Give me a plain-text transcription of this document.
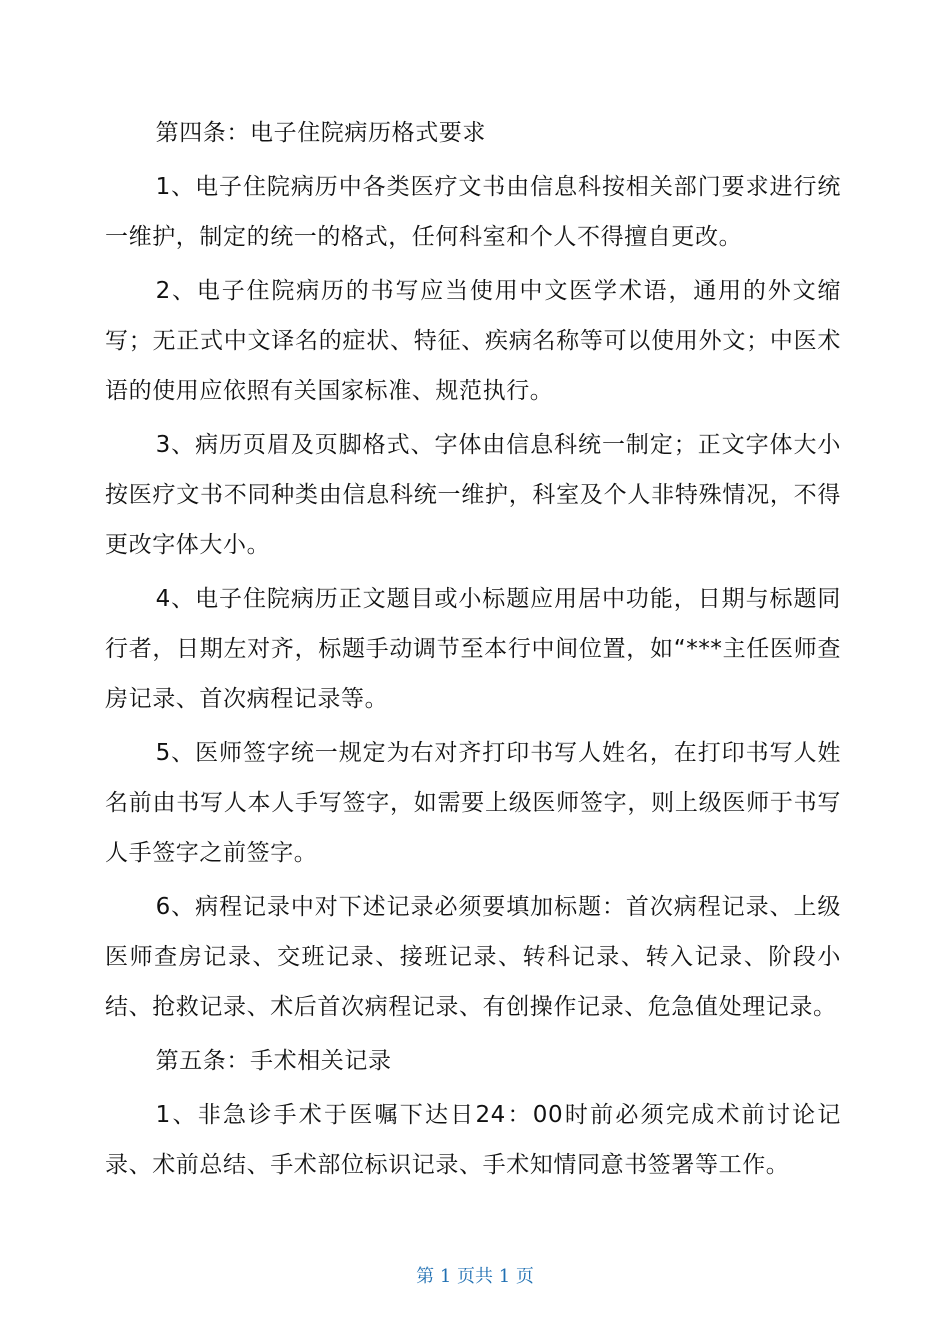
第四条：电子住院病历格式要求

1、电子住院病历中各类医疗文书由信息科按相关部门要求进行统一维护，制定的统一的格式，任何科室和个人不得擅自更改。

2、电子住院病历的书写应当使用中文医学术语，通用的外文缩写；无正式中文译名的症状、特征、疾病名称等可以使用外文；中医术语的使用应依照有关国家标准、规范执行。

3、病历页眉及页脚格式、字体由信息科统一制定；正文字体大小按医疗文书不同种类由信息科统一维护，科室及个人非特殊情况，不得更改字体大小。

4、电子住院病历正文题目或小标题应用居中功能，日期与标题同行者，日期左对齐，标题手动调节至本行中间位置，如“***主任医师查房记录、首次病程记录等。

5、医师签字统一规定为右对齐打印书写人姓名，在打印书写人姓名前由书写人本人手写签字，如需要上级医师签字，则上级医师于书写人手签字之前签字。

6、病程记录中对下述记录必须要填加标题：首次病程记录、上级医师查房记录、交班记录、接班记录、转科记录、转入记录、阶段小结、抢救记录、术后首次病程记录、有创操作记录、危急值处理记录。

第五条：手术相关记录

1、非急诊手术于医嘱下达日24：00时前必须完成术前讨论记录、术前总结、手术部位标识记录、手术知情同意书签署等工作。

第 1 页共 1 页
